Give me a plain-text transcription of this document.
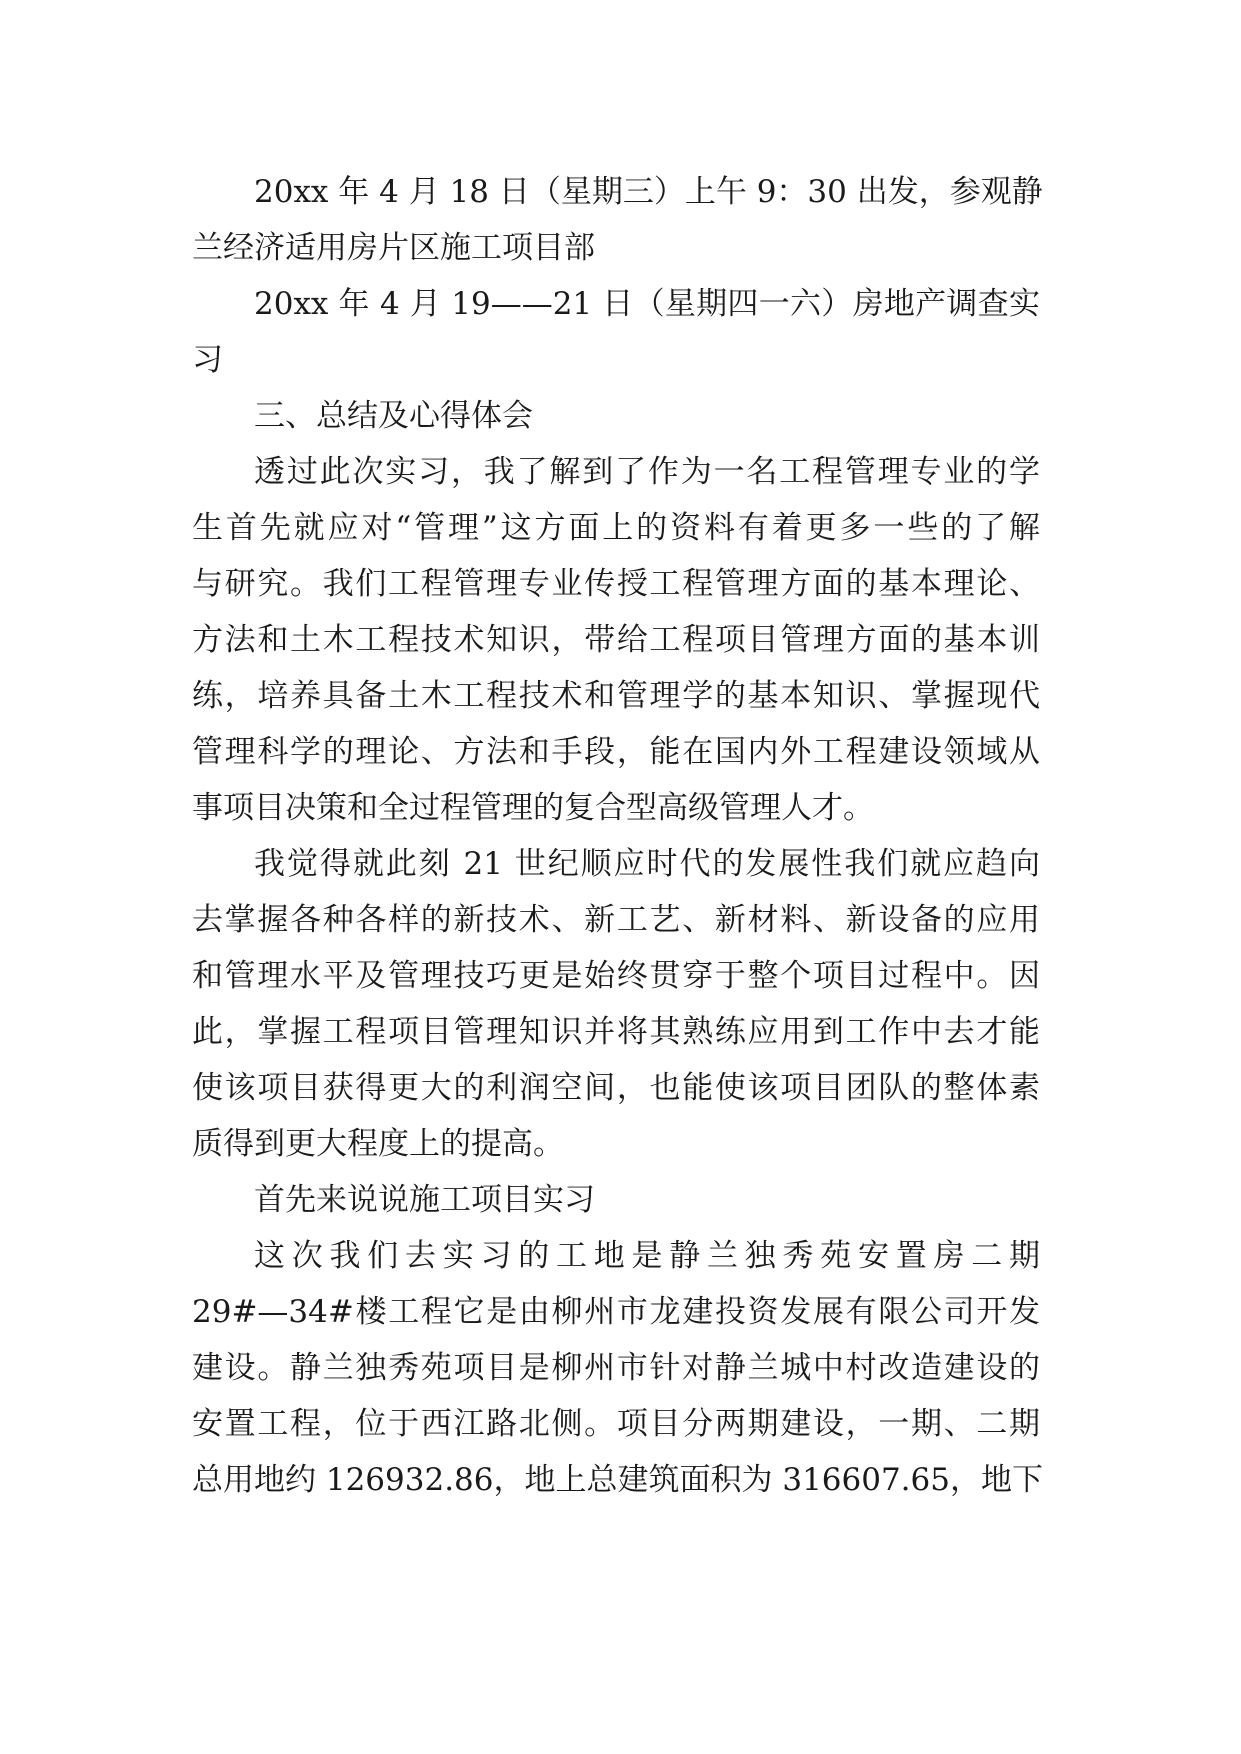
20xx 年 4 月 18 日（星期三）上午 9：30 出发，参观静

兰经济适用房片区施工项目部

20xx 年 4 月 19——21 日（星期四一六）房地产调查实

习

三、总结及心得体会

透过此次实习，我了解到了作为一名工程管理专业的学

生首先就应对“管理”这方面上的资料有着更多一些的了解

与研究。我们工程管理专业传授工程管理方面的基本理论、

方法和土木工程技术知识，带给工程项目管理方面的基本训

练，培养具备土木工程技术和管理学的基本知识、掌握现代

管理科学的理论、方法和手段，能在国内外工程建设领域从

事项目决策和全过程管理的复合型高级管理人才。

我觉得就此刻 21 世纪顺应时代的发展性我们就应趋向

去掌握各种各样的新技术、新工艺、新材料、新设备的应用

和管理水平及管理技巧更是始终贯穿于整个项目过程中。因

此，掌握工程项目管理知识并将其熟练应用到工作中去才能

使该项目获得更大的利润空间，也能使该项目团队的整体素

质得到更大程度上的提高。

首先来说说施工项目实习

这次我们去实习的工地是静兰独秀苑安置房二期

29#—34#楼工程它是由柳州市龙建投资发展有限公司开发

建设。静兰独秀苑项目是柳州市针对静兰城中村改造建设的

安置工程，位于西江路北侧。项目分两期建设，一期、二期

总用地约 126932.86，地上总建筑面积为 316607.65，地下
